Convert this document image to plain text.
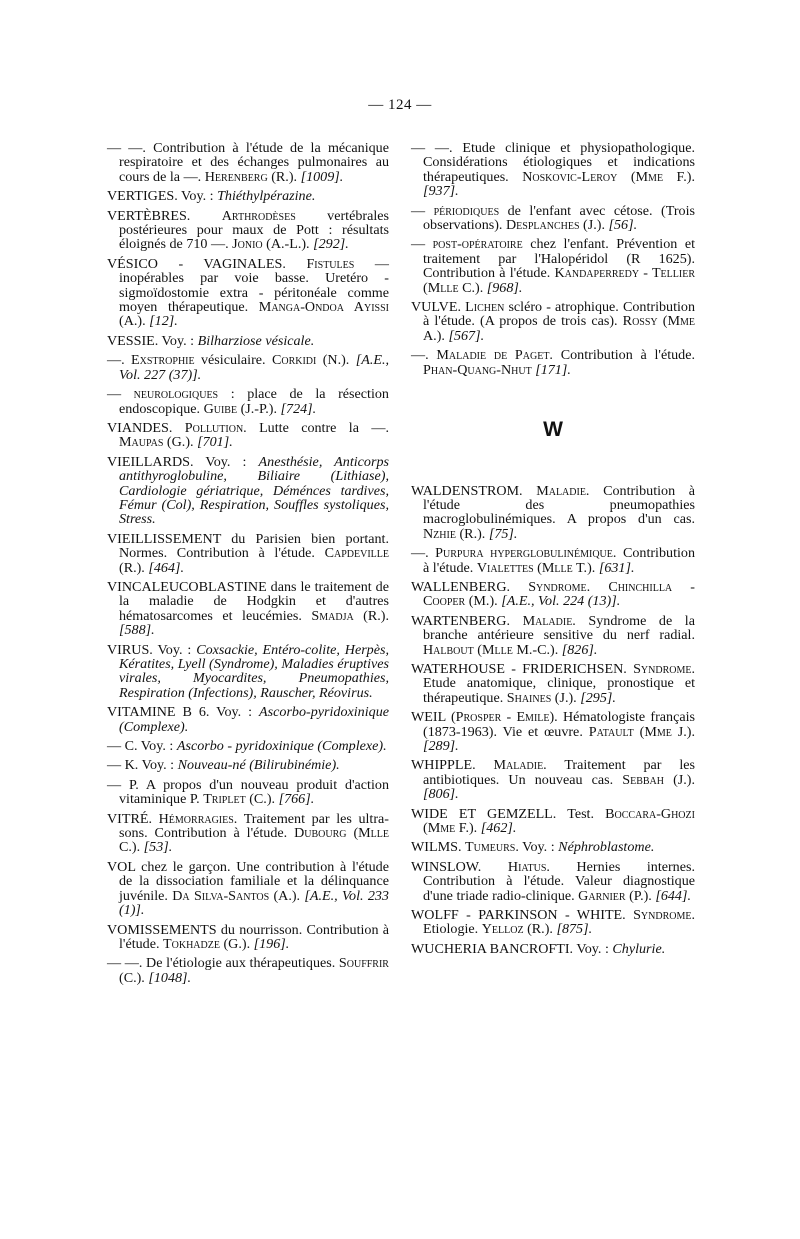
— 124 —

— —. Contribution à l'étude de la mécanique respiratoire et des échanges pulmonaires au cours de la —. Herenberg (R.). [1009].

VERTIGES. Voy. : Thiéthylpérazine.

VERTÈBRES. Arthrodèses vertébrales postérieures pour maux de Pott : résultats éloignés de 710 —. Jonio (A.-L.). [292].

VÉSICO - VAGINALES. Fistules — inopérables par voie basse. Uretéro - sigmoïdostomie extra - péritonéale comme moyen thérapeutique. Manga-Ondoa Ayissi (A.). [12].

VESSIE. Voy. : Bilharziose vésicale.

—. Exstrophie vésiculaire. Corkidi (N.). [A.E., Vol. 227 (37)].

— neurologiques : place de la résection endoscopique. Guibe (J.-P.). [724].

VIANDES. Pollution. Lutte contre la —. Maupas (G.). [701].

VIEILLARDS. Voy. : Anesthésie, Anticorps antithyroglobuline, Biliaire (Lithiase), Cardiologie gériatrique, Déménces tardives, Fémur (Col), Respiration, Souffles systoliques, Stress.

VIEILLISSEMENT du Parisien bien portant. Normes. Contribution à l'étude. Capdeville (R.). [464].

VINCALEUCOBLASTINE dans le traitement de la maladie de Hodgkin et d'autres hématosarcomes et leucémies. Smadja (R.). [588].

VIRUS. Voy. : Coxsackie, Entéro-colite, Herpès, Kératites, Lyell (Syndrome), Maladies éruptives virales, Myocardites, Pneumopathies, Respiration (Infections), Rauscher, Réovirus.

VITAMINE B 6. Voy. : Ascorbo-pyridoxinique (Complexe).

— C. Voy. : Ascorbo - pyridoxinique (Complexe).

— K. Voy. : Nouveau-né (Bilirubinémie).

— P. A propos d'un nouveau produit d'action vitaminique P. Triplet (C.). [766].

VITRÉ. Hémorragies. Traitement par les ultra-sons. Contribution à l'étude. Dubourg (Mlle C.). [53].

VOL chez le garçon. Une contribution à l'étude de la dissociation familiale et la délinquance juvénile. Da Silva-Santos (A.). [A.E., Vol. 233 (1)].

VOMISSEMENTS du nourrisson. Contribution à l'étude. Tokhadze (G.). [196].

— —. De l'étiologie aux thérapeutiques. Souffrir (C.). [1048].

— —. Etude clinique et physiopathologique. Considérations étiologiques et indications thérapeutiques. Noskovic-Leroy (Mme F.). [937].

— périodiques de l'enfant avec cétose. (Trois observations). Desplanches (J.). [56].

— post-opératoire chez l'enfant. Prévention et traitement par l'Halopéridol (R 1625). Contribution à l'étude. Kandaperredy - Tellier (Mlle C.). [968].

VULVE. Lichen scléro - atrophique. Contribution à l'étude. (A propos de trois cas). Rossy (Mme A.). [567].

—. Maladie de Paget. Contribution à l'étude. Phan-Quang-Nhut [171].

W

WALDENSTROM. Maladie. Contribution à l'étude des pneumopathies macroglobulinémiques. A propos d'un cas. Nzhie (R.). [75].

—. Purpura hyperglobulinémique. Contribution à l'étude. Vialettes (Mlle T.). [631].

WALLENBERG. Syndrome. Chinchilla - Cooper (M.). [A.E., Vol. 224 (13)].

WARTENBERG. Maladie. Syndrome de la branche antérieure sensitive du nerf radial. Halbout (Mlle M.-C.). [826].

WATERHOUSE - FRIDERICHSEN. Syndrome. Etude anatomique, clinique, pronostique et thérapeutique. Shaines (J.). [295].

WEIL (Prosper - Emile). Hématologiste français (1873-1963). Vie et œuvre. Patault (Mme J.). [289].

WHIPPLE. Maladie. Traitement par les antibiotiques. Un nouveau cas. Sebbah (J.). [806].

WIDE ET GEMZELL. Test. Boccara-Ghozi (Mme F.). [462].

WILMS. Tumeurs. Voy. : Néphroblastome.

WINSLOW. Hiatus. Hernies internes. Contribution à l'étude. Valeur diagnostique d'une triade radio-clinique. Garnier (P.). [644].

WOLFF - PARKINSON - WHITE. Syndrome. Etiologie. Yelloz (R.). [875].

WUCHERIA BANCROFTI. Voy. : Chylurie.
